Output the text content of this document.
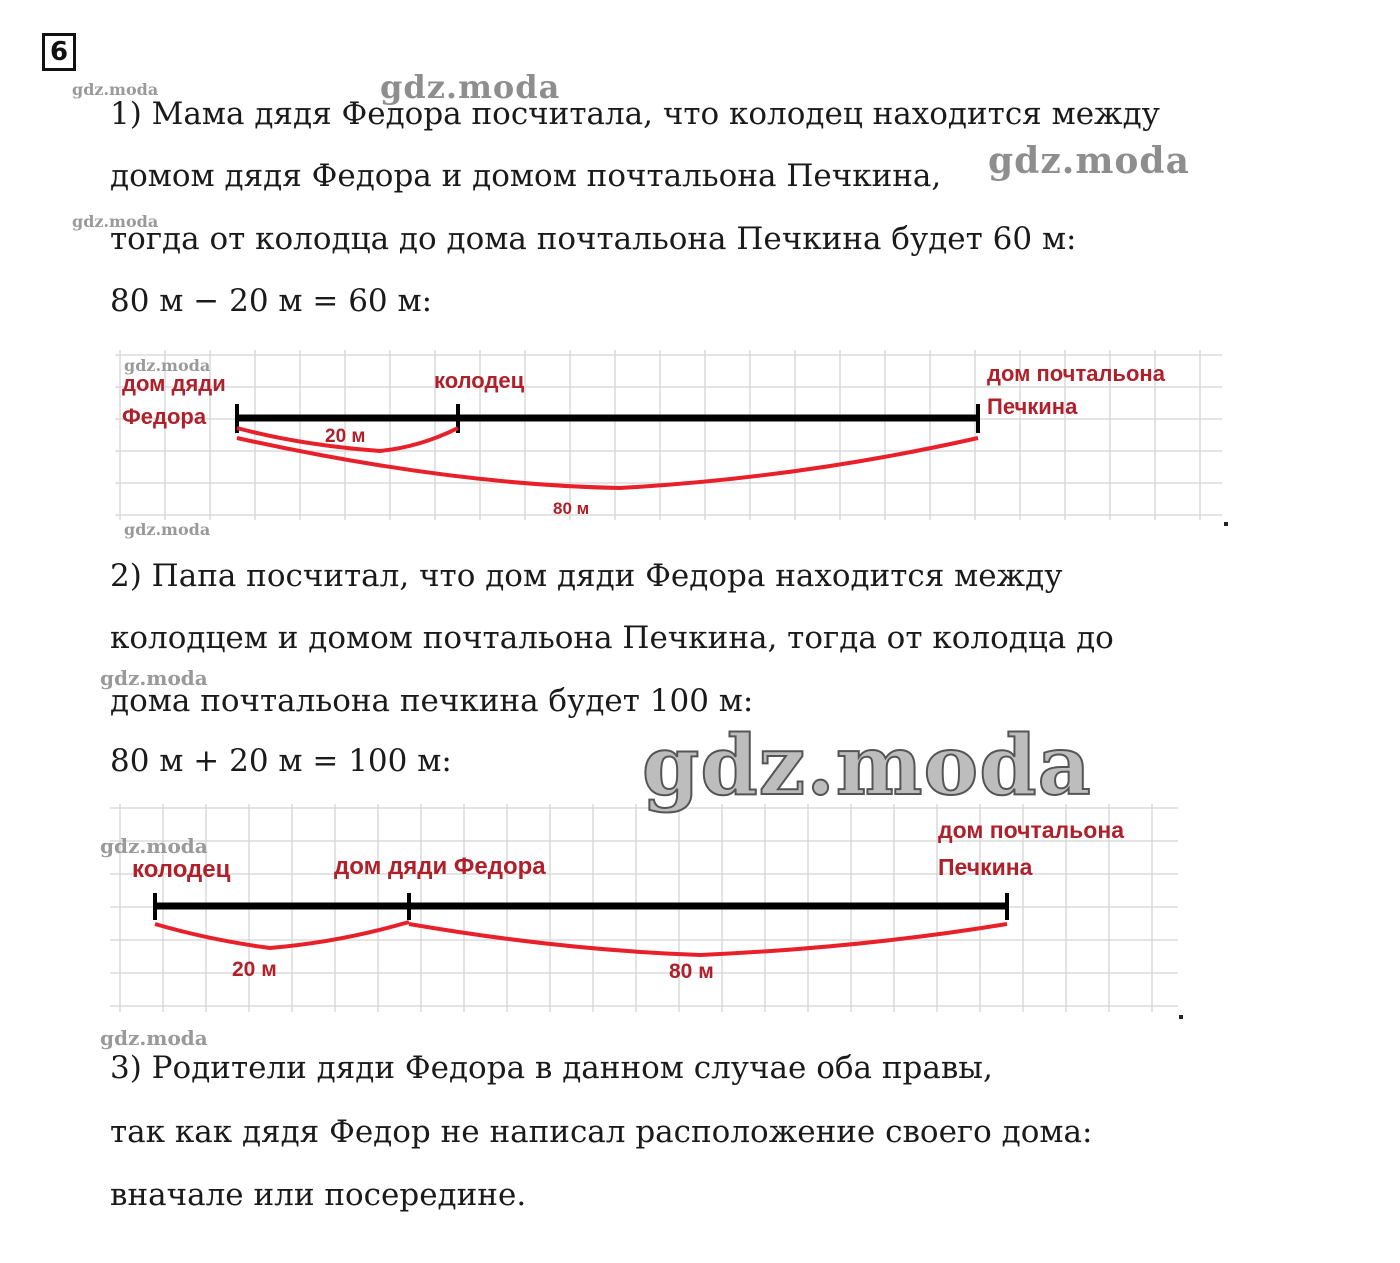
6
1) Мама дядя Федора посчитала, что колодец находится между
домом дядя Федора и домом почтальона Печкина,
тогда от колодца до дома почтальона Печкина будет 60 м:
80 м − 20 м = 60 м:
дом дяди
Федора
колодец	дом почтальона
Печкина
20 м
80 м
2) Папа посчитал, что дом дяди Федора находится между
колодцем и домом почтальона Печкина, тогда от колодца до
дома почтальона печкина будет 100 м:
80 м + 20 м = 100 м:
колодец	дом дяди Федора
дом почтальона
Печкина
20 м	80 м
3) Родители дяди Федора в данном случае оба правы,
так как дядя Федор не написал расположение своего дома:
вначале или посередине.
gdz.moda	gdz.moda
gdz.moda
gdz.moda
gdz.moda
gdz.moda
gdz.moda
gdz.moda
gdz.moda
gdz.moda
